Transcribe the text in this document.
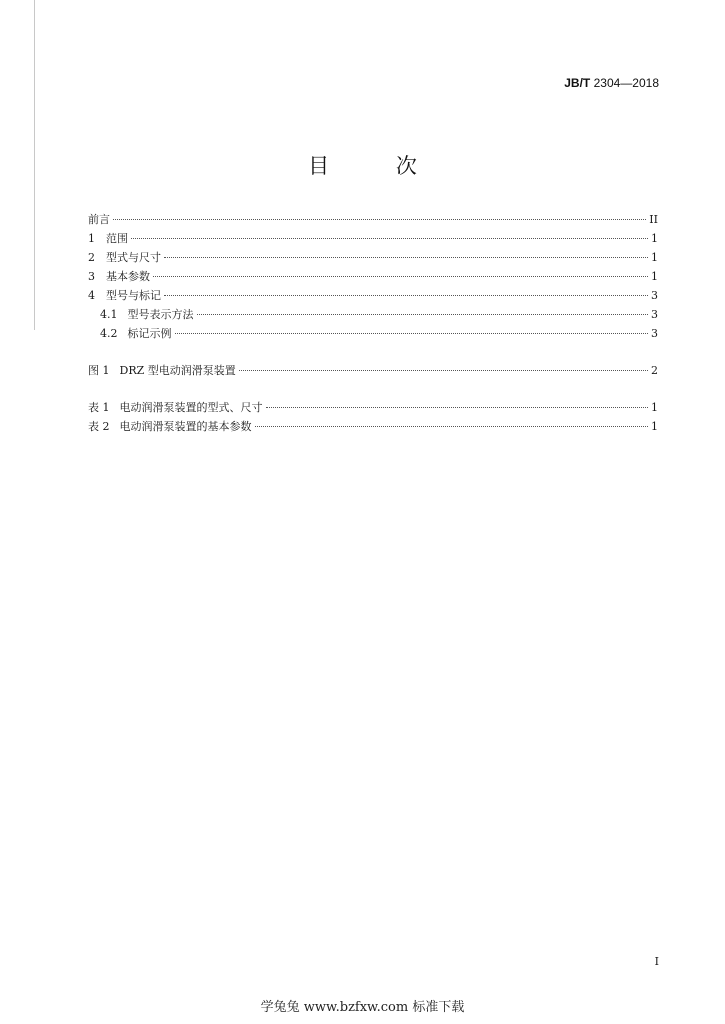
JB/T 2304—2018
目 次
前言	II
1	范围	1
2	型式与尺寸	1
3	基本参数	1
4	型号与标记	3
4.1 型号表示方法	3
4.2 标记示例	3
图 1 DRZ 型电动润滑泵装置	2
表 1 电动润滑泵装置的型式、尺寸	1
表 2 电动润滑泵装置的基本参数	1
I
学兔兔 www.bzfxw.com 标准下载
